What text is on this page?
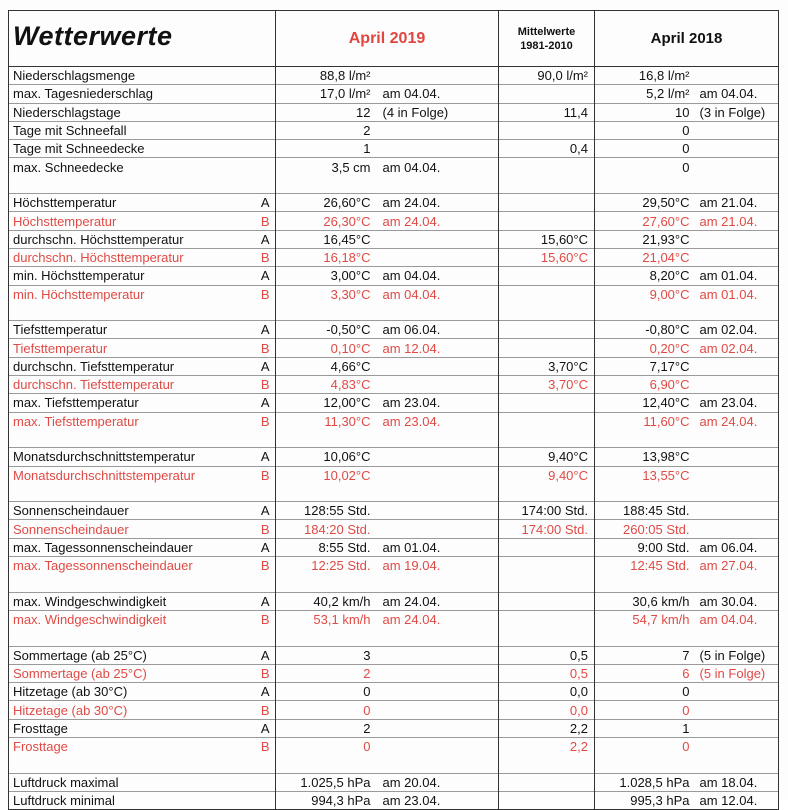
Wetterwerte		April 2019		Mittelwerte
1981-2010	April 2018	
Niederschlagsmenge		88,8 l/m²		90,0 l/m²	16,8 l/m²	
max. Tagesniederschlag		17,0 l/m²	am 04.04.		5,2 l/m²	am 04.04.
Niederschlagstage		12	(4 in Folge)	11,4	10	(3 in Folge)
Tage mit Schneefall		2			0	
Tage mit Schneedecke		1		0,4	0	
max. Schneedecke		3,5 cm	am 04.04.		0	

Höchsttemperatur	A	26,60°C	am 24.04.		29,50°C	am 21.04.
Höchsttemperatur	B	26,30°C	am 24.04.		27,60°C	am 21.04.
durchschn. Höchsttemperatur	A	16,45°C		15,60°C	21,93°C	
durchschn. Höchsttemperatur	B	16,18°C		15,60°C	21,04°C	
min. Höchsttemperatur	A	3,00°C	am 04.04.		8,20°C	am 01.04.
min. Höchsttemperatur	B	3,30°C	am 04.04.		9,00°C	am 01.04.

Tiefsttemperatur	A	-0,50°C	am 06.04.		-0,80°C	am 02.04.
Tiefsttemperatur	B	0,10°C	am 12.04.		0,20°C	am 02.04.
durchschn. Tiefsttemperatur	A	4,66°C		3,70°C	7,17°C	
durchschn. Tiefsttemperatur	B	4,83°C		3,70°C	6,90°C	
max. Tiefsttemperatur	A	12,00°C	am 23.04.		12,40°C	am 23.04.
max. Tiefsttemperatur	B	11,30°C	am 23.04.		11,60°C	am 24.04.

Monatsdurchschnittstemperatur	A	10,06°C		9,40°C	13,98°C	
Monatsdurchschnittstemperatur	B	10,02°C		9,40°C	13,55°C	

Sonnenscheindauer	A	128:55 Std.		174:00 Std.	188:45 Std.	
Sonnenscheindauer	B	184:20 Std.		174:00 Std.	260:05 Std.	
max. Tagessonnenscheindauer	A	8:55 Std.	am 01.04.		9:00 Std.	am 06.04.
max. Tagessonnenscheindauer	B	12:25 Std.	am 19.04.		12:45 Std.	am 27.04.

max. Windgeschwindigkeit	A	40,2 km/h	am 24.04.		30,6 km/h	am 30.04.
max. Windgeschwindigkeit	B	53,1 km/h	am 24.04.		54,7 km/h	am 04.04.

Sommertage (ab 25°C)	A	3		0,5	7	(5 in Folge)
Sommertage (ab 25°C)	B	2		0,5	6	(5 in Folge)
Hitzetage (ab 30°C)	A	0		0,0	0	
Hitzetage (ab 30°C)	B	0		0,0	0	
Frosttage	A	2		2,2	1	
Frosttage	B	0		2,2	0	

Luftdruck maximal		1.025,5 hPa	am 20.04.		1.028,5 hPa	am 18.04.
Luftdruck minimal		994,3 hPa	am 23.04.		995,3 hPa	am 12.04.
